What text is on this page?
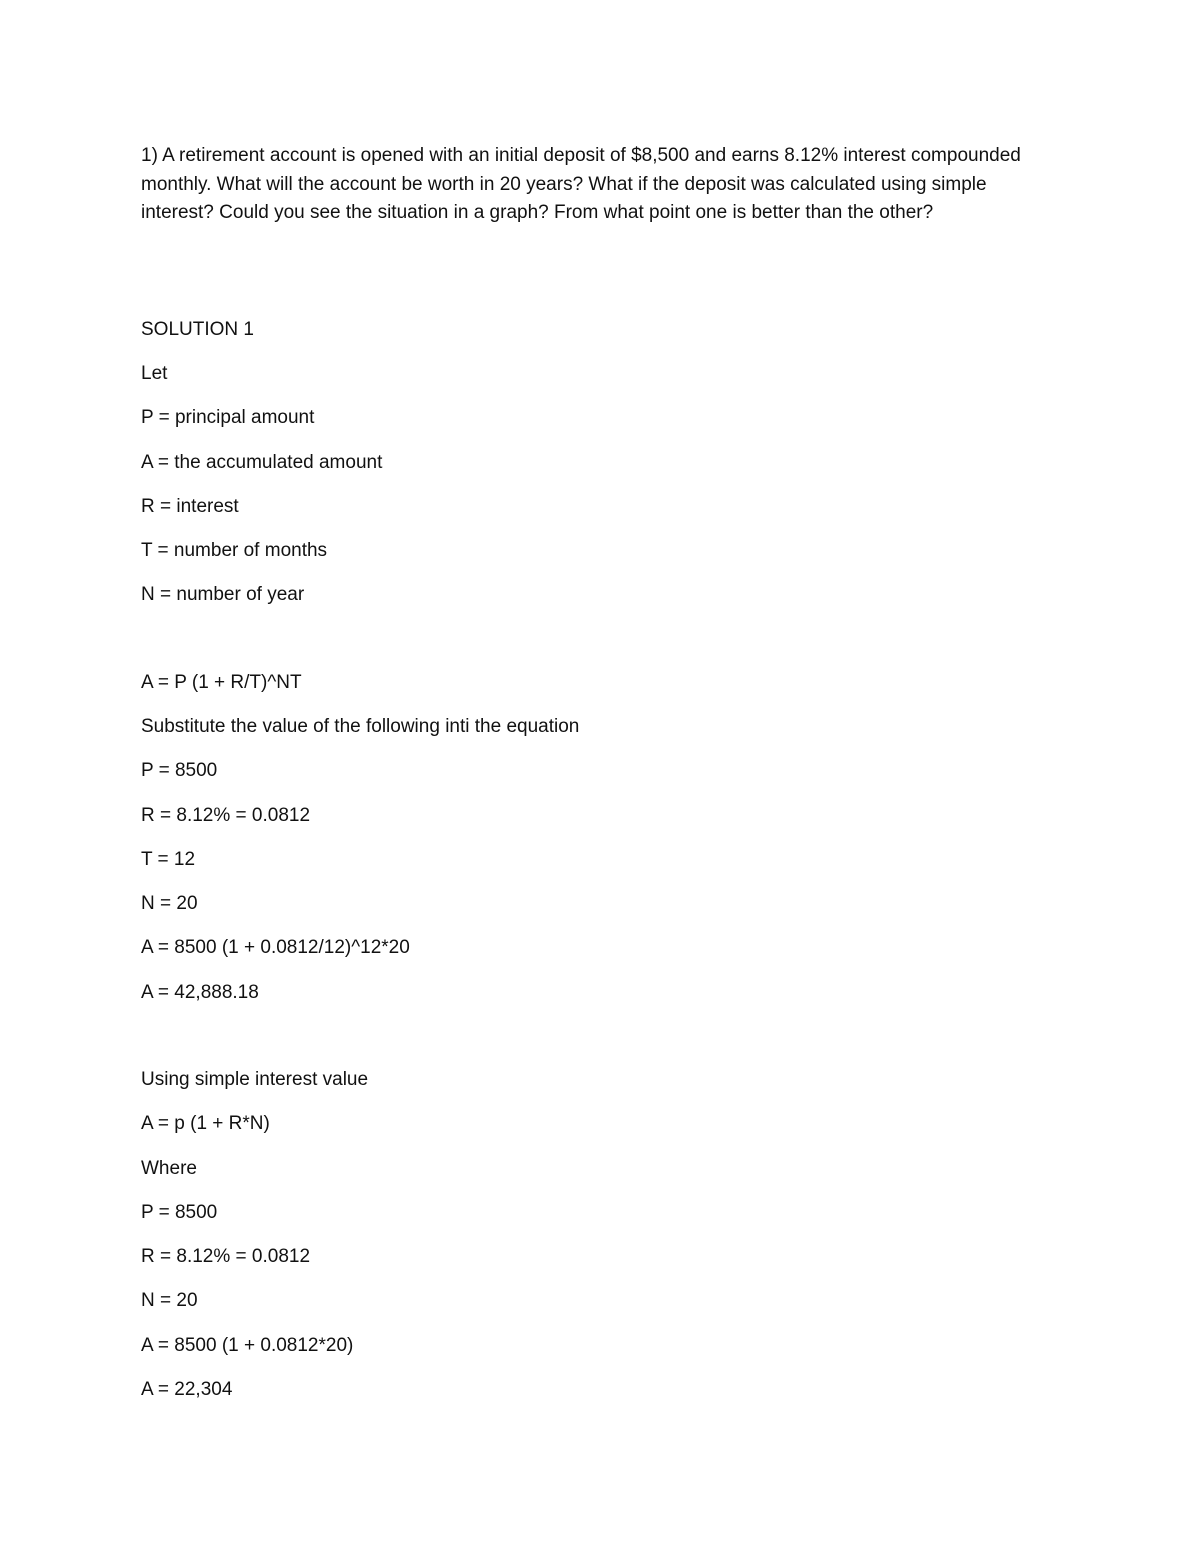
1) A retirement account is opened with an initial deposit of $8,500 and earns 8.12% interest compounded monthly. What will the account be worth in 20 years? What if the deposit was calculated using simple interest? Could you see the situation in a graph? From what point one is better than the other?

SOLUTION 1

Let

P = principal amount

A = the accumulated amount

R = interest

T = number of months

N = number of year

A = P (1 + R/T)^NT

Substitute the value of the following inti the equation

P = 8500

R = 8.12% = 0.0812

T = 12

N = 20

A = 8500 (1 + 0.0812/12)^12*20

A = 42,888.18

Using simple interest value

A = p (1 + R*N)

Where

P = 8500

R = 8.12% = 0.0812

N = 20

A = 8500 (1 + 0.0812*20)

A = 22,304
